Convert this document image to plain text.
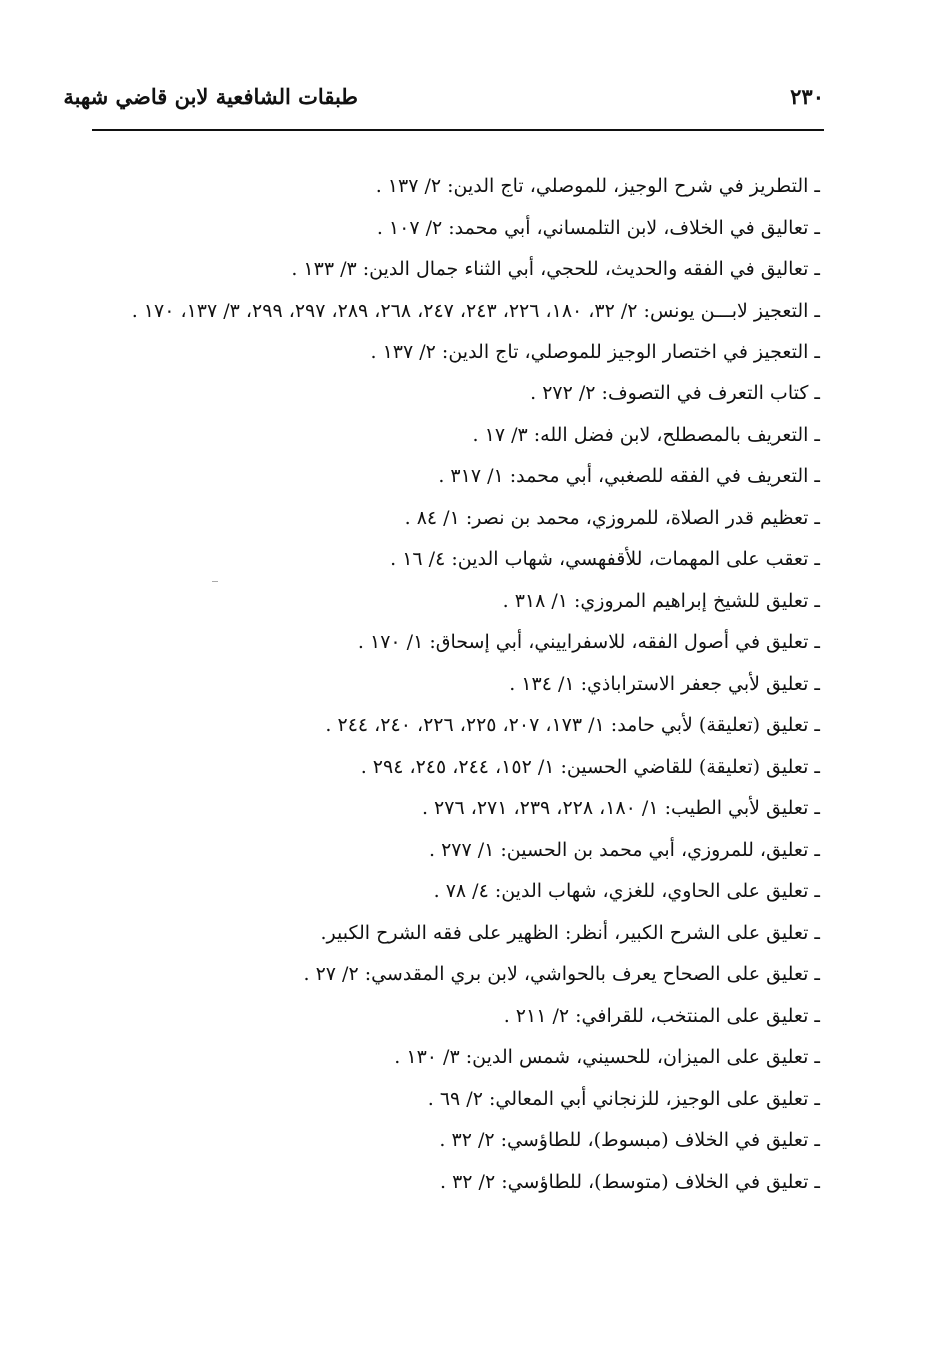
٢٣٠
طبقات الشافعية لابن قاضي شهبة
ـ التطريز في شرح الوجيز، للموصلي، تاج الدين: ٢/ ١٣٧ .
ـ تعاليق في الخلاف، لابن التلمساني، أبي محمد: ٢/ ١٠٧ .
ـ تعاليق في الفقه والحديث، للحجي، أبي الثناء جمال الدين: ٣/ ١٣٣ .
ـ التعجيز لابـــن يونس: ٢/ ٣٢، ١٨٠، ٢٢٦، ٢٤٣، ٢٤٧، ٢٦٨، ٢٨٩، ٢٩٧، ٢٩٩، ٣/ ١٣٧، ١٧٠ .
ـ التعجيز في اختصار الوجيز للموصلي، تاج الدين: ٢/ ١٣٧ .
ـ كتاب التعرف في التصوف: ٢/ ٢٧٢ .
ـ التعريف بالمصطلح، لابن فضل الله: ٣/ ١٧ .
ـ التعريف في الفقه للصغبي، أبي محمد: ١/ ٣١٧ .
ـ تعظيم قدر الصلاة، للمروزي، محمد بن نصر: ١/ ٨٤ .
ـ تعقب على المهمات، للأقفهسي، شهاب الدين: ٤/ ١٦ .
ـ تعليق للشيخ إبراهيم المروزي: ١/ ٣١٨ .
ـ تعليق في أصول الفقه، للاسفراييني، أبي إسحاق: ١/ ١٧٠ .
ـ تعليق لأبي جعفر الاستراباذي: ١/ ١٣٤ .
ـ تعليق (تعليقة) لأبي حامد: ١/ ١٧٣، ٢٠٧، ٢٢٥، ٢٢٦، ٢٤٠، ٢٤٤ .
ـ تعليق (تعليقة) للقاضي الحسين: ١/ ١٥٢، ٢٤٤، ٢٤٥، ٢٩٤ .
ـ تعليق لأبي الطيب: ١/ ١٨٠، ٢٢٨، ٢٣٩، ٢٧١، ٢٧٦ .
ـ تعليق، للمروزي، أبي محمد بن الحسين: ١/ ٢٧٧ .
ـ تعليق على الحاوي، للغزي، شهاب الدين: ٤/ ٧٨ .
ـ تعليق على الشرح الكبير، أنظر: الظهير على فقه الشرح الكبير.
ـ تعليق على الصحاح يعرف بالحواشي، لابن بري المقدسي: ٢/ ٢٧ .
ـ تعليق على المنتخب، للقرافي: ٢/ ٢١١ .
ـ تعليق على الميزان، للحسيني، شمس الدين: ٣/ ١٣٠ .
ـ تعليق على الوجيز، للزنجاني أبي المعالي: ٢/ ٦٩ .
ـ تعليق في الخلاف (مبسوط)، للطاؤسي: ٢/ ٣٢ .
ـ تعليق في الخلاف (متوسط)، للطاؤسي: ٢/ ٣٢ .
